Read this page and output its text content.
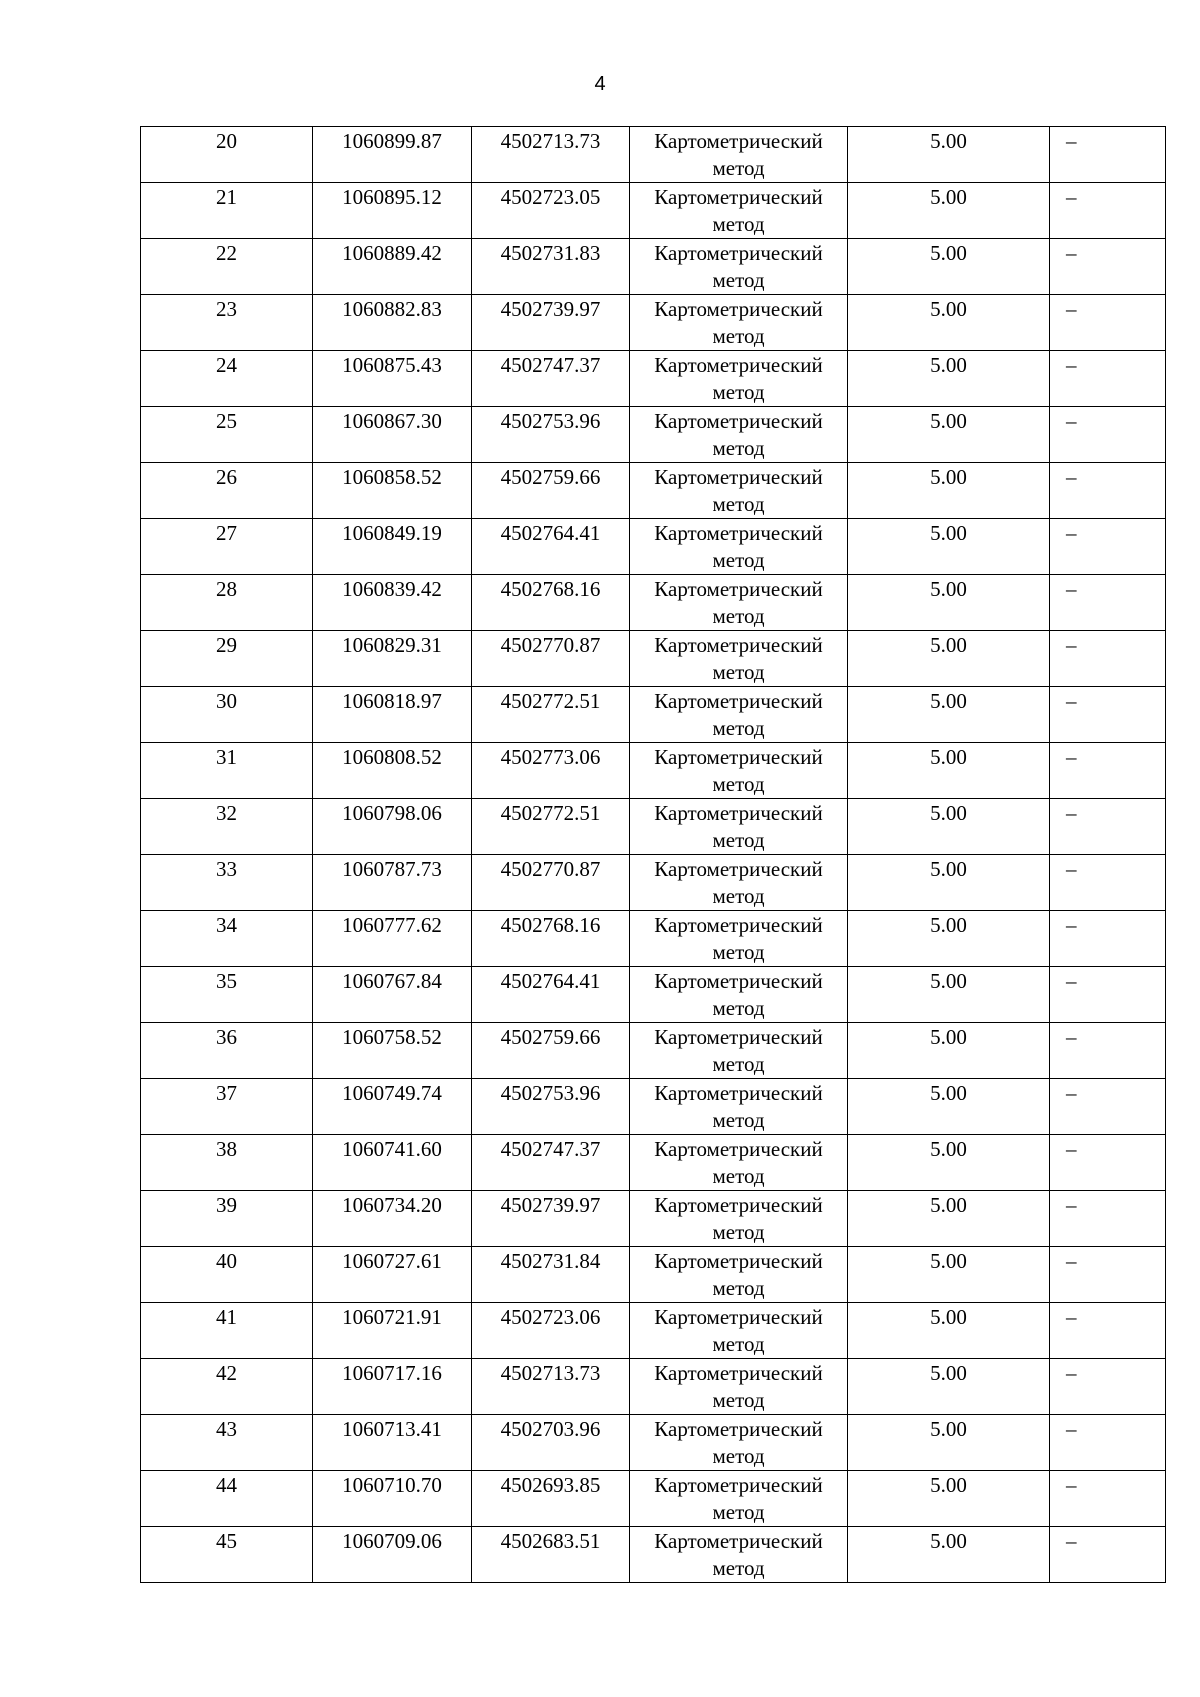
4
20	1060899.87	4502713.73	Картометрический метод	5.00	–
21	1060895.12	4502723.05	Картометрический метод	5.00	–
22	1060889.42	4502731.83	Картометрический метод	5.00	–
23	1060882.83	4502739.97	Картометрический метод	5.00	–
24	1060875.43	4502747.37	Картометрический метод	5.00	–
25	1060867.30	4502753.96	Картометрический метод	5.00	–
26	1060858.52	4502759.66	Картометрический метод	5.00	–
27	1060849.19	4502764.41	Картометрический метод	5.00	–
28	1060839.42	4502768.16	Картометрический метод	5.00	–
29	1060829.31	4502770.87	Картометрический метод	5.00	–
30	1060818.97	4502772.51	Картометрический метод	5.00	–
31	1060808.52	4502773.06	Картометрический метод	5.00	–
32	1060798.06	4502772.51	Картометрический метод	5.00	–
33	1060787.73	4502770.87	Картометрический метод	5.00	–
34	1060777.62	4502768.16	Картометрический метод	5.00	–
35	1060767.84	4502764.41	Картометрический метод	5.00	–
36	1060758.52	4502759.66	Картометрический метод	5.00	–
37	1060749.74	4502753.96	Картометрический метод	5.00	–
38	1060741.60	4502747.37	Картометрический метод	5.00	–
39	1060734.20	4502739.97	Картометрический метод	5.00	–
40	1060727.61	4502731.84	Картометрический метод	5.00	–
41	1060721.91	4502723.06	Картометрический метод	5.00	–
42	1060717.16	4502713.73	Картометрический метод	5.00	–
43	1060713.41	4502703.96	Картометрический метод	5.00	–
44	1060710.70	4502693.85	Картометрический метод	5.00	–
45	1060709.06	4502683.51	Картометрический метод	5.00	–
